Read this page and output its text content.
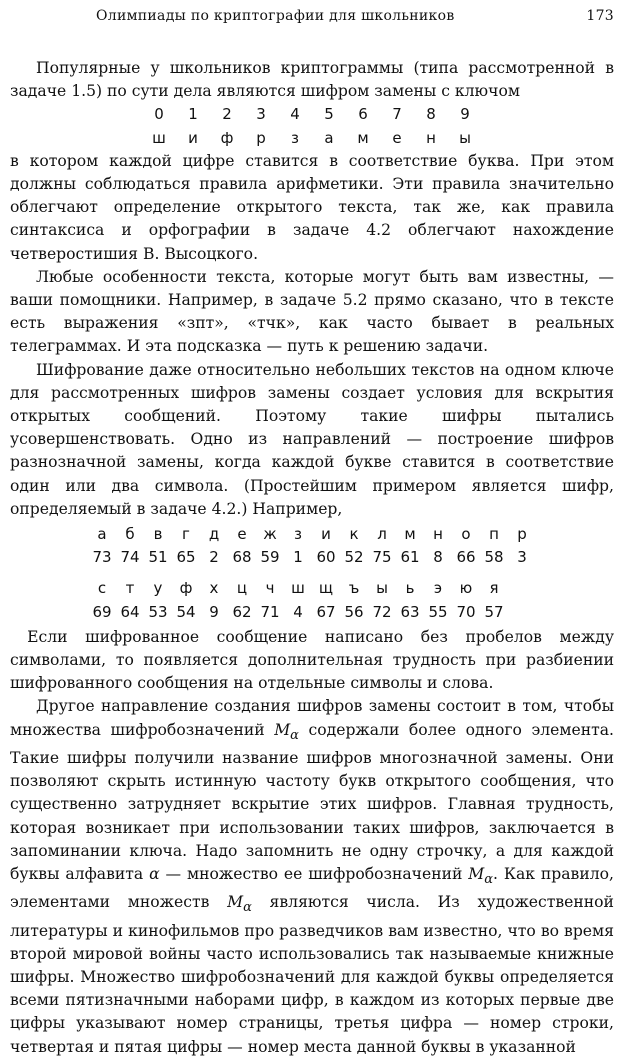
Олимпиады по криптографии для школьников	173

Популярные у школьников криптограммы (типа рассмотренной в задаче 1.5) по сути дела являются шифром замены с ключом

0	1	2	3	4	5	6	7	8	9
ш	и	ф	р	з	а	м	е	н	ы

в котором каждой цифре ставится в соответствие буква. При этом должны соблюдаться правила арифметики. Эти правила значительно облегчают определение открытого текста, так же, как правила синтаксиса и орфографии в задаче 4.2 облегчают нахождение четверостишия В. Высоцкого.

Любые особенности текста, которые могут быть вам известны, — ваши помощники. Например, в задаче 5.2 прямо сказано, что в тексте есть выражения «зпт», «тчк», как часто бывает в реальных телеграммах. И эта подсказка — путь к решению задачи.

Шифрование даже относительно небольших текстов на одном ключе для рассмотренных шифров замены создает условия для вскрытия открытых сообщений. Поэтому такие шифры пытались усовершенствовать. Одно из направлений — построение шифров разнозначной замены, когда каждой букве ставится в соответствие один или два символа. (Простейшим примером является шифр, определяемый в задаче 4.2.) Например,

а	б	в	г	д	е	ж	з	и	к	л	м	н	о	п	р
73	74	51	65	2	68	59	1	60	52	75	61	8	66	58	3

с	т	у	ф	х	ц	ч	ш	щ	ъ	ы	ь	э	ю	я	
69	64	53	54	9	62	71	4	67	56	72	63	55	70	57	

  Если шифрованное сообщение написано без пробелов между символами, то появляется дополнительная трудность при разбиении шифрованного сообщения на отдельные символы и слова.

Другое направление создания шифров замены состоит в том, чтобы множества шифробозначений $M_\alpha$ содержали более одного элемента. Такие шифры получили название шифров многозначной замены. Они позволяют скрыть истинную частоту букв открытого сообщения, что существенно затрудняет вскрытие этих шифров. Главная трудность, которая возникает при использовании таких шифров, заключается в запоминании ключа. Надо запомнить не одну строчку, а для каждой буквы алфавита α — множество ее шифробозначений $M_\alpha$. Как правило, элементами множеств $M_\alpha$ являются числа. Из художественной литературы и кинофильмов про разведчиков вам известно, что во время второй мировой войны часто использовались так называемые книжные шифры. Множество шифробозначений для каждой буквы определяется всеми пятизначными наборами цифр, в каждом из которых первые две цифры указывают номер страницы, третья цифра — номер строки, четвертая и пятая цифры — номер места данной буквы в указанной
